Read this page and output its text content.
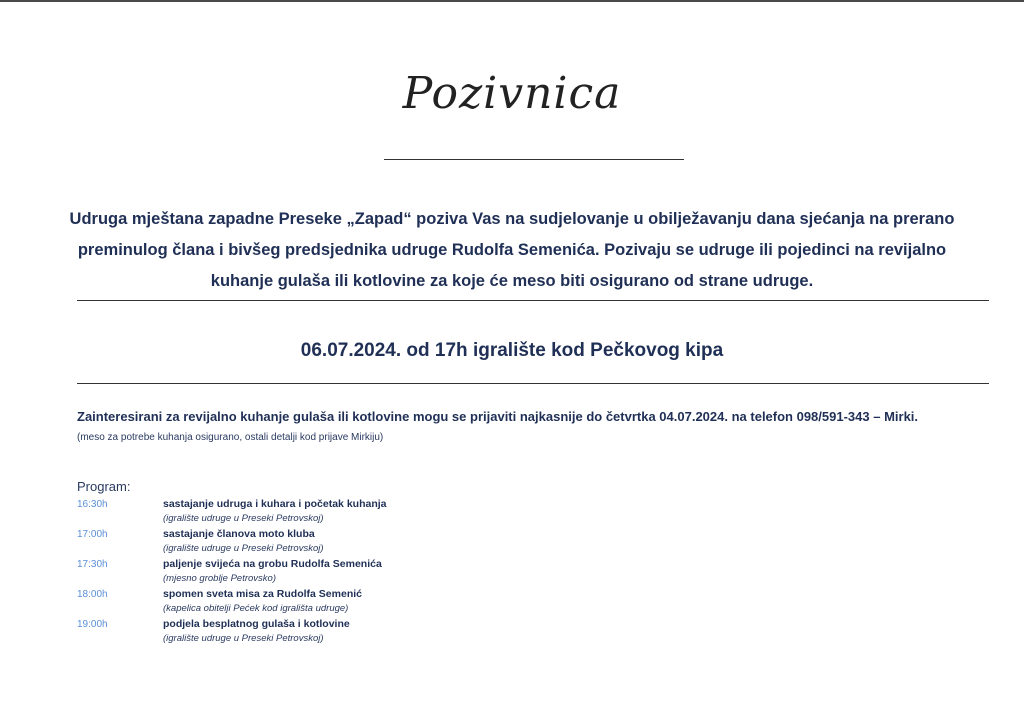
Pozivnica
Udruga mještana zapadne Preseke „Zapad“ poziva Vas na sudjelovanje u obilježavanju dana sjećanja na prerano
preminulog člana i bivšeg predsjednika udruge Rudolfa Semenića. Pozivaju se udruge ili pojedinci na revijalno
kuhanje gulaša ili kotlovine za koje će meso biti osigurano od strane udruge.
06.07.2024. od 17h igralište kod Pečkovog kipa
Zainteresirani za revijalno kuhanje gulaša ili kotlovine mogu se prijaviti najkasnije do četvrtka 04.07.2024. na telefon 098/591-343 – Mirki.
(meso za potrebe kuhanja osigurano, ostali detalji kod prijave Mirkiju)
Program:
16:30h	sastajanje udruga i kuhara i početak kuhanja
(igralište udruge u Preseki Petrovskoj)
17:00h	sastajanje članova moto kluba
(igralište udruge u Preseki Petrovskoj)
17:30h	paljenje svijeća na grobu Rudolfa Semenića
(mjesno groblje Petrovsko)
18:00h	spomen sveta misa za Rudolfa Semenić
(kapelica obitelji Pećek kod igrališta udruge)
19:00h	podjela besplatnog gulaša i kotlovine
(igralište udruge u Preseki Petrovskoj)
